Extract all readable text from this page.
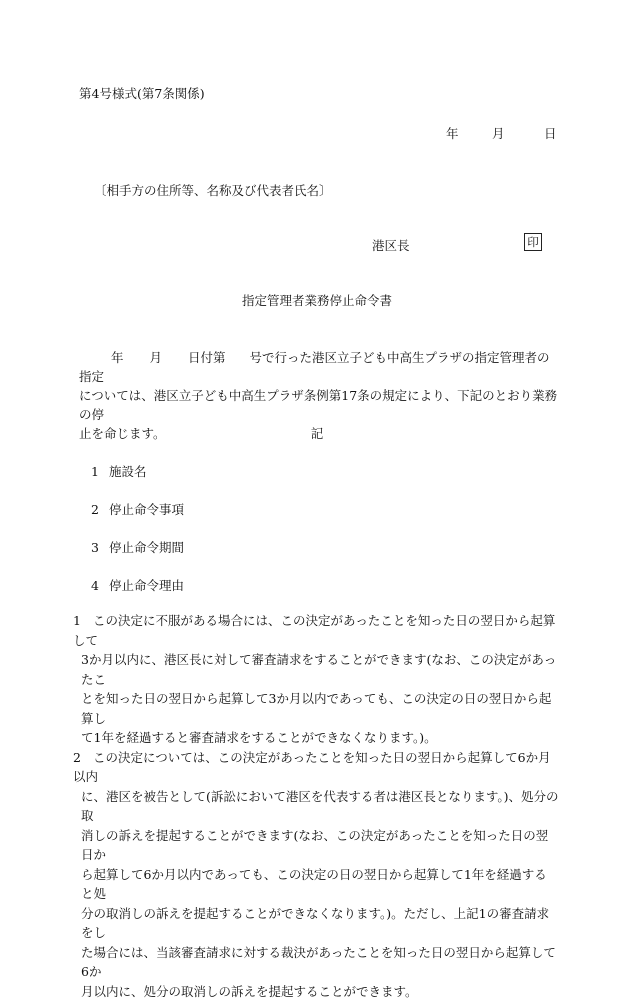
第4号様式(第7条関係)
年	月	日
〔相手方の住所等、名称及び代表者氏名〕
港区長	印
指定管理者業務停止命令書

年 月 日付第 号で行った港区立子ども中高生プラザの指定管理者の指定

については、港区立子ども中高生プラザ条例第17条の規定により、下記のとおり業務の停

止を命じます。	記
1 施設名
2 停止命令事項
3 停止命令期間
4 停止命令理由
1 この決定に不服がある場合には、この決定があったことを知った日の翌日から起算して
3か月以内に、港区長に対して審査請求をすることができます(なお、この決定があったこ
とを知った日の翌日から起算して3か月以内であっても、この決定の日の翌日から起算し
て1年を経過すると審査請求をすることができなくなります。)。
2 この決定については、この決定があったことを知った日の翌日から起算して6か月以内
に、港区を被告として(訴訟において港区を代表する者は港区長となります。)、処分の取
消しの訴えを提起することができます(なお、この決定があったことを知った日の翌日か
ら起算して6か月以内であっても、この決定の日の翌日から起算して1年を経過すると処
分の取消しの訴えを提起することができなくなります。)。ただし、上記1の審査請求をし
た場合には、当該審査請求に対する裁決があったことを知った日の翌日から起算して6か
月以内に、処分の取消しの訴えを提起することができます。
